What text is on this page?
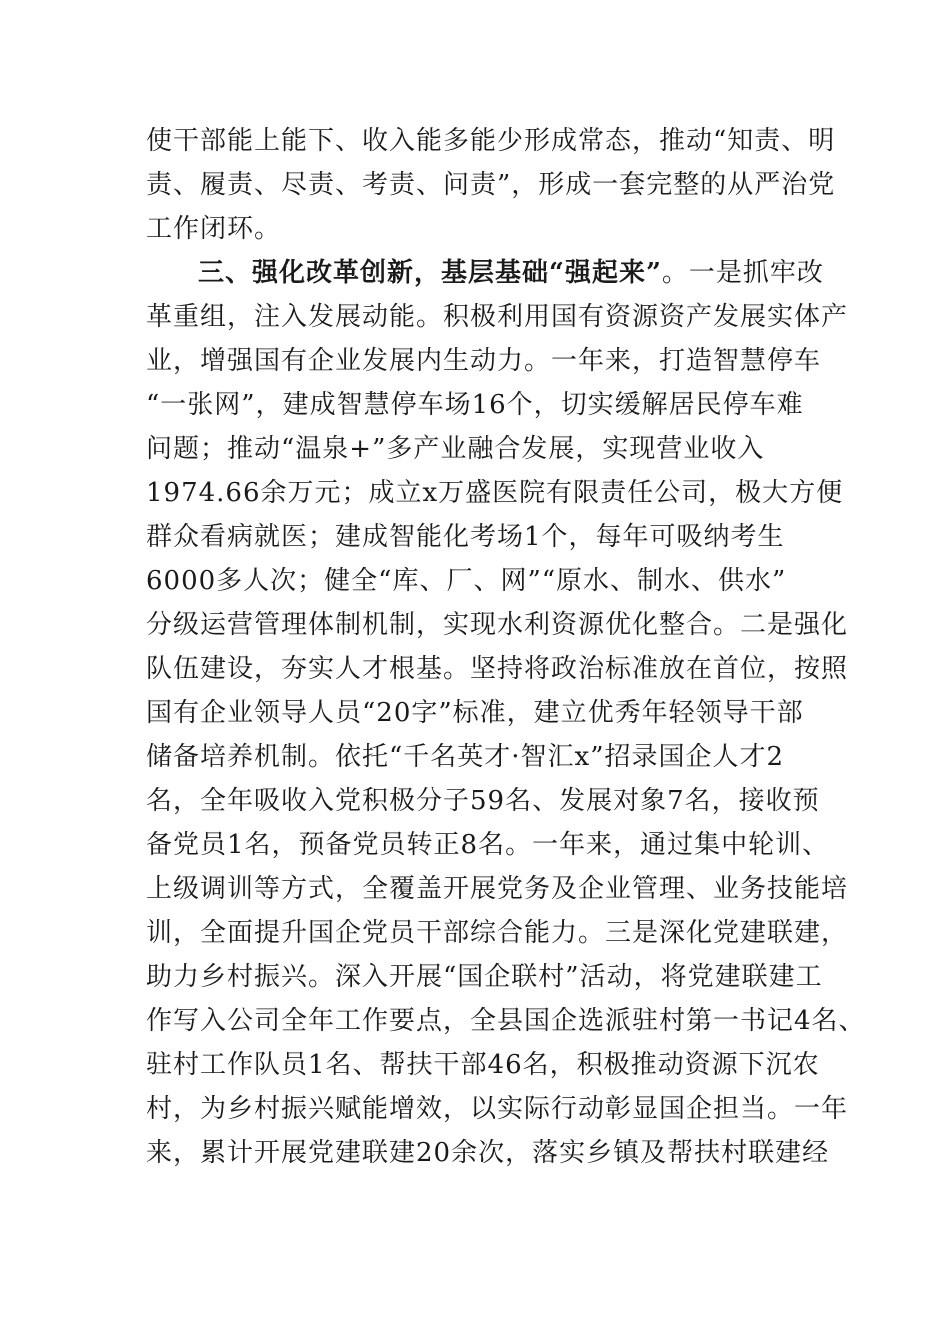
使干部能上能下、收入能多能少形成常态，推动“知责、明
责、履责、尽责、考责、问责”，形成一套完整的从严治党
工作闭环。
三、强化改革创新，基层基础“强起来”。一是抓牢改
革重组，注入发展动能。积极利用国有资源资产发展实体产
业，增强国有企业发展内生动力。一年来，打造智慧停车
“一张网”，建成智慧停车场16个，切实缓解居民停车难
问题；推动“温泉+”多产业融合发展，实现营业收入
1974.66余万元；成立x万盛医院有限责任公司，极大方便
群众看病就医；建成智能化考场1个，每年可吸纳考生
6000多人次；健全“库、厂、网”“原水、制水、供水”
分级运营管理体制机制，实现水利资源优化整合。二是强化
队伍建设，夯实人才根基。坚持将政治标准放在首位，按照
国有企业领导人员“20字”标准，建立优秀年轻领导干部
储备培养机制。依托“千名英才·智汇x”招录国企人才2
名，全年吸收入党积极分子59名、发展对象7名，接收预
备党员1名，预备党员转正8名。一年来，通过集中轮训、
上级调训等方式，全覆盖开展党务及企业管理、业务技能培
训，全面提升国企党员干部综合能力。三是深化党建联建，
助力乡村振兴。深入开展“国企联村”活动，将党建联建工
作写入公司全年工作要点，全县国企选派驻村第一书记4名、
驻村工作队员1名、帮扶干部46名，积极推动资源下沉农
村，为乡村振兴赋能增效，以实际行动彰显国企担当。一年
来，累计开展党建联建20余次，落实乡镇及帮扶村联建经
